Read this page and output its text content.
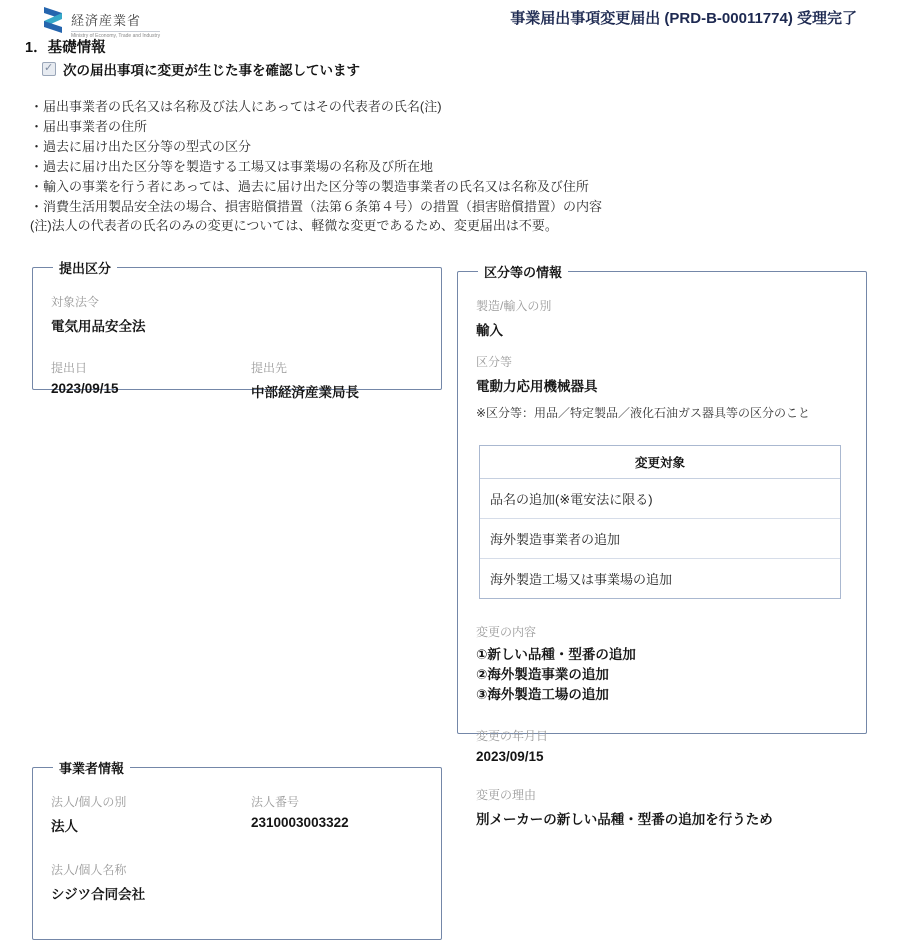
経済産業省
Ministry of Economy, Trade and Industry
事業届出事項変更届出 (PRD-B-00011774) 受理完了
1．基礎情報
✓
次の届出事項に変更が生じた事を確認しています
・届出事業者の氏名又は名称及び法人にあってはその代表者の氏名(注)
・届出事業者の住所
・過去に届け出た区分等の型式の区分
・過去に届け出た区分等を製造する工場又は事業場の名称及び所在地
・輸入の事業を行う者にあっては、過去に届け出た区分等の製造事業者の氏名又は名称及び住所
・消費生活用製品安全法の場合、損害賠償措置（法第６条第４号）の措置（損害賠償措置）の内容
(注)法人の代表者の氏名のみの変更については、軽微な変更であるため、変更届出は不要。
提出区分
対象法令
電気用品安全法
提出日
2023/09/15
提出先
中部経済産業局長
区分等の情報
製造/輸入の別
輸入
区分等
電動力応用機械器具
※区分等：用品／特定製品／液化石油ガス器具等の区分のこと
変更対象
品名の追加(※電安法に限る)
海外製造事業者の追加
海外製造工場又は事業場の追加
変更の内容
①新しい品種・型番の追加
②海外製造事業の追加
③海外製造工場の追加
変更の年月日
2023/09/15
変更の理由
別メーカーの新しい品種・型番の追加を行うため
事業者情報
法人/個人の別
法人
法人番号
2310003003322
法人/個人名称
シジツ合同会社
